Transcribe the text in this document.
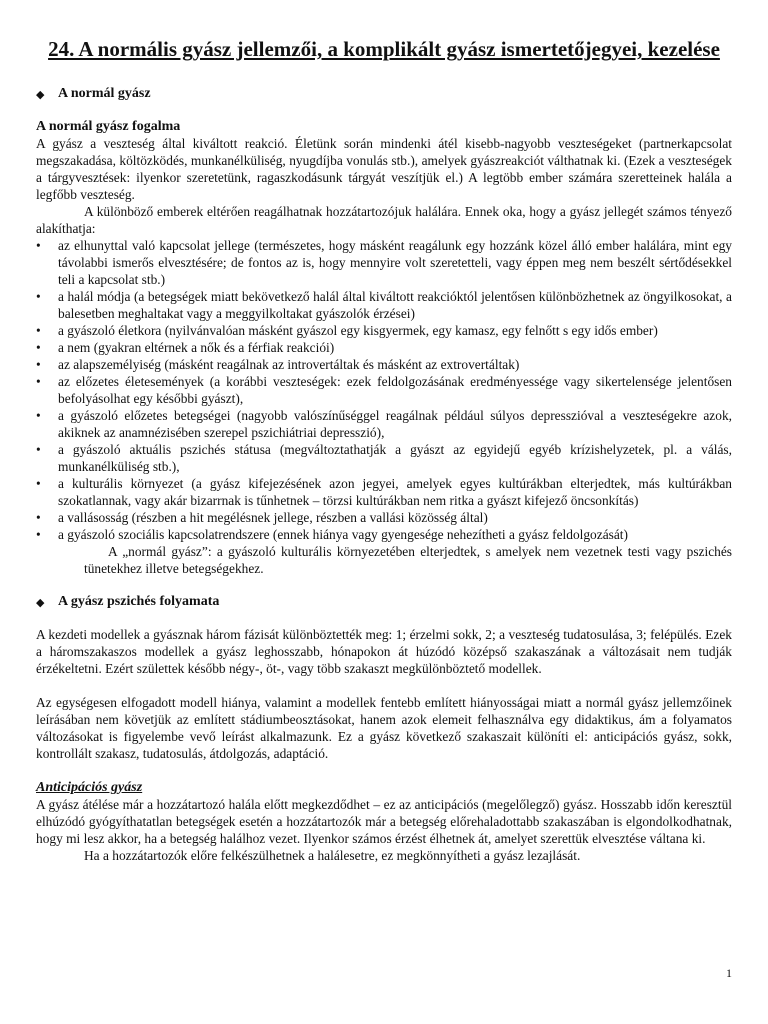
24. A normális gyász jellemzői, a komplikált gyász ismertetőjegyei, kezelése
◆ A normál gyász

A normál gyász fogalma

A gyász a veszteség által kiváltott reakció. Életünk során mindenki átél kisebb-nagyobb veszteségeket (partnerkapcsolat megszakadása, költözködés, munkanélküliség, nyugdíjba vonulás stb.), amelyek gyászreakciót válthatnak ki. (Ezek a veszteségek a tárgyvesztések: ilyenkor szeretetünk, ragaszkodásunk tárgyát veszítjük el.) A legtöbb ember számára szeretteinek halála a legfőbb veszteség.

A különböző emberek eltérően reagálhatnak hozzátartozójuk halálára. Ennek oka, hogy a gyász jellegét számos tényező alakíthatja:

•	az elhunyttal való kapcsolat jellege (természetes, hogy másként reagálunk egy hozzánk közel álló ember halálára, mint egy távolabbi ismerős elvesztésére; de fontos az is, hogy mennyire volt szeretetteli, vagy éppen meg nem beszélt sértődésekkel teli a kapcsolat stb.)
•	a halál módja (a betegségek miatt bekövetkező halál által kiváltott reakcióktól jelentősen különbözhetnek az öngyilkosokat, a balesetben meghaltakat vagy a meggyilkoltakat gyászolók érzései)
•	a gyászoló életkora (nyilvánvalóan másként gyászol egy kisgyermek, egy kamasz, egy felnőtt s egy idős ember)
•	a nem (gyakran eltérnek a nők és a férfiak reakciói)
•	az alapszemélyiség (másként reagálnak az introvertáltak és másként az extrovertáltak)
•	az előzetes életesemények (a korábbi veszteségek: ezek feldolgozásának eredményessége vagy sikertelensége jelentősen befolyásolhat egy későbbi gyászt),
•	a gyászoló előzetes betegségei (nagyobb valószínűséggel reagálnak például súlyos depresszióval a veszteségekre azok, akiknek az anamnézisében szerepel pszichiátriai depresszió),
•	a gyászoló aktuális pszichés státusa (megváltoztathatják a gyászt az egyidejű egyéb krízishelyzetek, pl. a válás, munkanélküliség stb.),
•	a kulturális környezet (a gyász kifejezésének azon jegyei, amelyek egyes kultúrákban elterjedtek, más kultúrákban szokatlannak, vagy akár bizarrnak is tűnhetnek – törzsi kultúrákban nem ritka a gyászt kifejező öncsonkítás)
•	a vallásosság (részben a hit megélésnek jellege, részben a vallási közösség által)
•	a gyászoló szociális kapcsolatrendszere (ennek hiánya vagy gyengesége nehezítheti a gyász feldolgozását)

A „normál gyász”: a gyászoló kulturális környezetében elterjedtek, s amelyek nem vezetnek testi vagy pszichés tünetekhez illetve betegségekhez.

◆ A gyász pszichés folyamata

A kezdeti modellek a gyásznak három fázisát különböztették meg: 1; érzelmi sokk, 2; a veszteség tudatosulása, 3; felépülés. Ezek a háromszakaszos modellek a gyász leghosszabb, hónapokon át húzódó középső szakaszának a változásait nem tudják érzékeltetni. Ezért születtek később négy-, öt-, vagy több szakaszt megkülönböztető modellek.

Az egységesen elfogadott modell hiánya, valamint a modellek fentebb említett hiányosságai miatt a normál gyász jellemzőinek leírásában nem követjük az említett stádiumbeosztásokat, hanem azok elemeit felhasználva egy didaktikus, ám a folyamatos változásokat is figyelembe vevő leírást alkalmazunk. Ez a gyász következő szakaszait különíti el: anticipációs gyász, sokk, kontrollált szakasz, tudatosulás, átdolgozás, adaptáció.

Anticipációs gyász

A gyász átélése már a hozzátartozó halála előtt megkezdődhet – ez az anticipációs (megelőlegző) gyász. Hosszabb időn keresztül elhúzódó gyógyíthatatlan betegségek esetén a hozzátartozók már a betegség előrehaladottabb szakaszában is elgondolkodhatnak, hogy mi lesz akkor, ha a betegség halálhoz vezet. Ilyenkor számos érzést élhetnek át, amelyet szerettük elvesztése váltana ki.

Ha a hozzátartozók előre felkészülhetnek a halálesetre, ez megkönnyítheti a gyász lezajlását.

1
